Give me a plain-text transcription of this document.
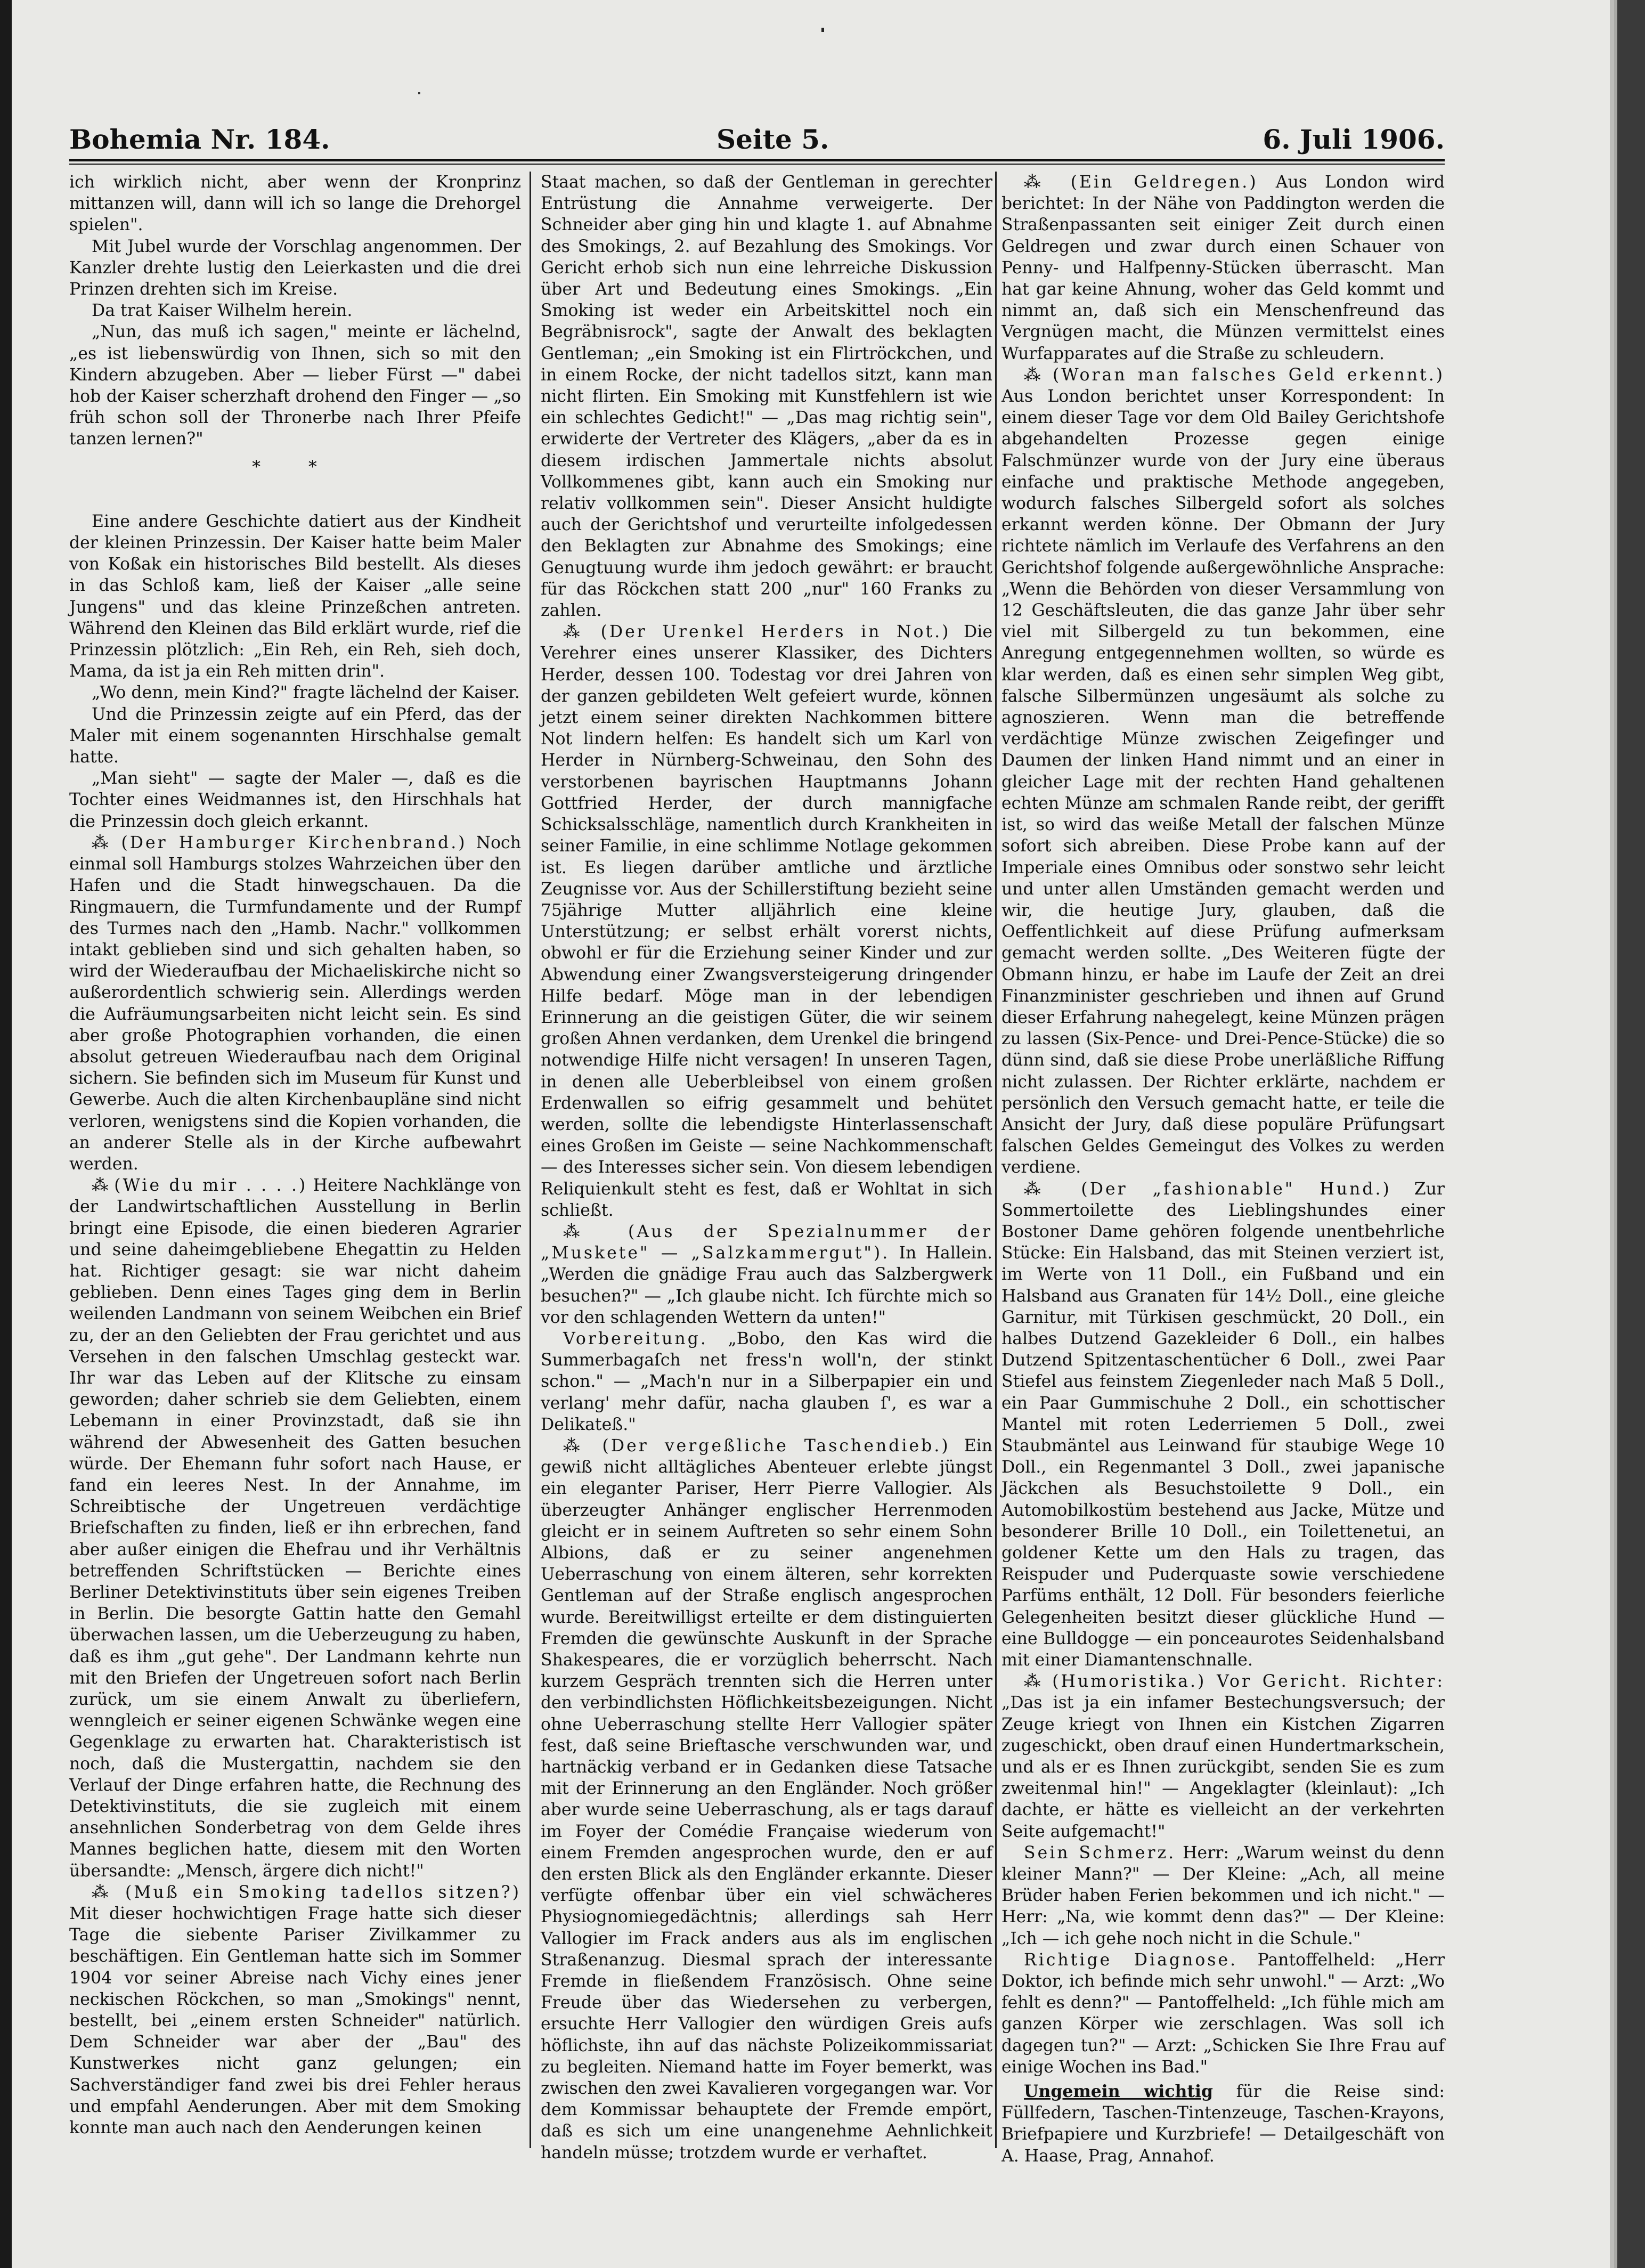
Bohemia Nr. 184.	Seite 5.	6. Juli 1906.

ich wirklich nicht, aber wenn der Kronprinz mittanzen will, dann will ich so lange die Drehorgel spielen".

Mit Jubel wurde der Vorschlag angenommen. Der Kanzler drehte lustig den Leierkasten und die drei Prinzen drehten sich im Kreise.

Da trat Kaiser Wilhelm herein.

„Nun, das muß ich sagen," meinte er lächelnd, „es ist liebenswürdig von Ihnen, sich so mit den Kindern abzugeben. Aber — lieber Fürst —" dabei hob der Kaiser scherzhaft drohend den Finger — „so früh schon soll der Thronerbe nach Ihrer Pfeife tanzen lernen?"

* *

Eine andere Geschichte datiert aus der Kindheit der kleinen Prinzessin. Der Kaiser hatte beim Maler von Koßak ein historisches Bild bestellt. Als dieses in das Schloß kam, ließ der Kaiser „alle seine Jungens" und das kleine Prinzeßchen antreten. Während den Kleinen das Bild erklärt wurde, rief die Prinzessin plötzlich: „Ein Reh, ein Reh, sieh doch, Mama, da ist ja ein Reh mitten drin".

„Wo denn, mein Kind?" fragte lächelnd der Kaiser.

Und die Prinzessin zeigte auf ein Pferd, das der Maler mit einem sogenannten Hirschhalse gemalt hatte.

„Man sieht" — sagte der Maler —, daß es die Tochter eines Weidmannes ist, den Hirschhals hat die Prinzessin doch gleich erkannt.

⁂ (Der Hamburger Kirchenbrand.) Noch einmal soll Hamburgs stolzes Wahrzeichen über den Hafen und die Stadt hinwegschauen. Da die Ringmauern, die Turmfundamente und der Rumpf des Turmes nach den „Hamb. Nachr." vollkommen intakt geblieben sind und sich gehalten haben, so wird der Wiederaufbau der Michaeliskirche nicht so außerordentlich schwierig sein. Allerdings werden die Aufräumungsarbeiten nicht leicht sein. Es sind aber große Photographien vorhanden, die einen absolut getreuen Wiederaufbau nach dem Original sichern. Sie befinden sich im Museum für Kunst und Gewerbe. Auch die alten Kirchenbaupläne sind nicht verloren, wenigstens sind die Kopien vorhanden, die an anderer Stelle als in der Kirche aufbewahrt werden.

⁂ (Wie du mir . . . .) Heitere Nachklänge von der Landwirtschaftlichen Ausstellung in Berlin bringt eine Episode, die einen biederen Agrarier und seine daheimgebliebene Ehegattin zu Helden hat. Richtiger gesagt: sie war nicht daheim geblieben. Denn eines Tages ging dem in Berlin weilenden Landmann von seinem Weibchen ein Brief zu, der an den Geliebten der Frau gerichtet und aus Versehen in den falschen Umschlag gesteckt war. Ihr war das Leben auf der Klitsche zu einsam geworden; daher schrieb sie dem Geliebten, einem Lebemann in einer Provinzstadt, daß sie ihn während der Abwesenheit des Gatten besuchen würde. Der Ehemann fuhr sofort nach Hause, er fand ein leeres Nest. In der Annahme, im Schreibtische der Ungetreuen verdächtige Briefschaften zu finden, ließ er ihn erbrechen, fand aber außer einigen die Ehefrau und ihr Verhältnis betreffenden Schriftstücken — Berichte eines Berliner Detektivinstituts über sein eigenes Treiben in Berlin. Die besorgte Gattin hatte den Gemahl überwachen lassen, um die Ueberzeugung zu haben, daß es ihm „gut gehe". Der Landmann kehrte nun mit den Briefen der Ungetreuen sofort nach Berlin zurück, um sie einem Anwalt zu überliefern, wenngleich er seiner eigenen Schwänke wegen eine Gegenklage zu erwarten hat. Charakteristisch ist noch, daß die Mustergattin, nachdem sie den Verlauf der Dinge erfahren hatte, die Rechnung des Detektivinstituts, die sie zugleich mit einem ansehnlichen Sonderbetrag von dem Gelde ihres Mannes beglichen hatte, diesem mit den Worten übersandte: „Mensch, ärgere dich nicht!"

⁂ (Muß ein Smoking tadellos sitzen?) Mit dieser hochwichtigen Frage hatte sich dieser Tage die siebente Pariser Zivilkammer zu beschäftigen. Ein Gentleman hatte sich im Sommer 1904 vor seiner Abreise nach Vichy eines jener neckischen Röckchen, so man „Smokings" nennt, bestellt, bei „einem ersten Schneider" natürlich. Dem Schneider war aber der „Bau" des Kunstwerkes nicht ganz gelungen; ein Sachverständiger fand zwei bis drei Fehler heraus und empfahl Aenderungen. Aber mit dem Smoking konnte man auch nach den Aenderungen keinen

Staat machen, so daß der Gentleman in gerechter Entrüstung die Annahme verweigerte. Der Schneider aber ging hin und klagte 1. auf Abnahme des Smokings, 2. auf Bezahlung des Smokings. Vor Gericht erhob sich nun eine lehrreiche Diskussion über Art und Bedeutung eines Smokings. „Ein Smoking ist weder ein Arbeitskittel noch ein Begräbnisrock", sagte der Anwalt des beklagten Gentleman; „ein Smoking ist ein Flirtröckchen, und in einem Rocke, der nicht tadellos sitzt, kann man nicht flirten. Ein Smoking mit Kunstfehlern ist wie ein schlechtes Gedicht!" — „Das mag richtig sein", erwiderte der Vertreter des Klägers, „aber da es in diesem irdischen Jammertale nichts absolut Vollkommenes gibt, kann auch ein Smoking nur relativ vollkommen sein". Dieser Ansicht huldigte auch der Gerichtshof und verurteilte infolgedessen den Beklagten zur Abnahme des Smokings; eine Genugtuung wurde ihm jedoch gewährt: er braucht für das Röckchen statt 200 „nur" 160 Franks zu zahlen.

⁂ (Der Urenkel Herders in Not.) Die Verehrer eines unserer Klassiker, des Dichters Herder, dessen 100. Todestag vor drei Jahren von der ganzen gebildeten Welt gefeiert wurde, können jetzt einem seiner direkten Nachkommen bittere Not lindern helfen: Es handelt sich um Karl von Herder in Nürnberg-Schweinau, den Sohn des verstorbenen bayrischen Hauptmanns Johann Gottfried Herder, der durch mannigfache Schicksalsschläge, namentlich durch Krankheiten in seiner Familie, in eine schlimme Notlage gekommen ist. Es liegen darüber amtliche und ärztliche Zeugnisse vor. Aus der Schillerstiftung bezieht seine 75jährige Mutter alljährlich eine kleine Unterstützung; er selbst erhält vorerst nichts, obwohl er für die Erziehung seiner Kinder und zur Abwendung einer Zwangsversteigerung dringender Hilfe bedarf. Möge man in der lebendigen Erinnerung an die geistigen Güter, die wir seinem großen Ahnen verdanken, dem Urenkel die bringend notwendige Hilfe nicht versagen! In unseren Tagen, in denen alle Ueberbleibsel von einem großen Erdenwallen so eifrig gesammelt und behütet werden, sollte die lebendigste Hinterlassenschaft eines Großen im Geiste — seine Nachkommenschaft — des Interesses sicher sein. Von diesem lebendigen Reliquienkult steht es fest, daß er Wohltat in sich schließt.

⁂ (Aus der Spezialnummer der „Muskete" — „Salzkammergut"). In Hallein. „Werden die gnädige Frau auch das Salzbergwerk besuchen?" — „Ich glaube nicht. Ich fürchte mich so vor den schlagenden Wettern da unten!"

Vorbereitung. „Bobo, den Kas wird die Summerbagaſch net fress'n woll'n, der stinkt schon." — „Mach'n nur in a Silberpapier ein und verlang' mehr dafür, nacha glauben ſ', es war a Delikateß."

⁂ (Der vergeßliche Taschendieb.) Ein gewiß nicht alltägliches Abenteuer erlebte jüngst ein eleganter Pariser, Herr Pierre Vallogier. Als überzeugter Anhänger englischer Herrenmoden gleicht er in seinem Auftreten so sehr einem Sohn Albions, daß er zu seiner angenehmen Ueberraschung von einem älteren, sehr korrekten Gentleman auf der Straße englisch angesprochen wurde. Bereitwilligst erteilte er dem distinguierten Fremden die gewünschte Auskunft in der Sprache Shakespeares, die er vorzüglich beherrscht. Nach kurzem Gespräch trennten sich die Herren unter den verbindlichsten Höflichkeitsbezeigungen. Nicht ohne Ueberraschung stellte Herr Vallogier später fest, daß seine Brieftasche verschwunden war, und hartnäckig verband er in Gedanken diese Tatsache mit der Erinnerung an den Engländer. Noch größer aber wurde seine Ueberraschung, als er tags darauf im Foyer der Comédie Française wiederum von einem Fremden angesprochen wurde, den er auf den ersten Blick als den Engländer erkannte. Dieser verfügte offenbar über ein viel schwächeres Physiognomiegedächtnis; allerdings sah Herr Vallogier im Frack anders aus als im englischen Straßenanzug. Diesmal sprach der interessante Fremde in fließendem Französisch. Ohne seine Freude über das Wiedersehen zu verbergen, ersuchte Herr Vallogier den würdigen Greis aufs höflichste, ihn auf das nächste Polizeikommissariat zu begleiten. Niemand hatte im Foyer bemerkt, was zwischen den zwei Kavalieren vorgegangen war. Vor dem Kommissar behauptete der Fremde empört, daß es sich um eine unangenehme Aehnlichkeit handeln müsse; trotzdem wurde er verhaftet.

⁂ (Ein Geldregen.) Aus London wird berichtet: In der Nähe von Paddington werden die Straßenpassanten seit einiger Zeit durch einen Geldregen und zwar durch einen Schauer von Penny- und Halfpenny-Stücken überrascht. Man hat gar keine Ahnung, woher das Geld kommt und nimmt an, daß sich ein Menschenfreund das Vergnügen macht, die Münzen vermittelst eines Wurfapparates auf die Straße zu schleudern.

⁂ (Woran man falsches Geld erkennt.) Aus London berichtet unser Korrespondent: In einem dieser Tage vor dem Old Bailey Gerichtshofe abgehandelten Prozesse gegen einige Falschmünzer wurde von der Jury eine überaus einfache und praktische Methode angegeben, wodurch falsches Silbergeld sofort als solches erkannt werden könne. Der Obmann der Jury richtete nämlich im Verlaufe des Verfahrens an den Gerichtshof folgende außergewöhnliche Ansprache: „Wenn die Behörden von dieser Versammlung von 12 Geschäftsleuten, die das ganze Jahr über sehr viel mit Silbergeld zu tun bekommen, eine Anregung entgegennehmen wollten, so würde es klar werden, daß es einen sehr simplen Weg gibt, falsche Silbermünzen ungesäumt als solche zu agnoszieren. Wenn man die betreffende verdächtige Münze zwischen Zeigefinger und Daumen der linken Hand nimmt und an einer in gleicher Lage mit der rechten Hand gehaltenen echten Münze am schmalen Rande reibt, der gerifft ist, so wird das weiße Metall der falschen Münze sofort sich abreiben. Diese Probe kann auf der Imperiale eines Omnibus oder sonstwo sehr leicht und unter allen Umständen gemacht werden und wir, die heutige Jury, glauben, daß die Oeffentlichkeit auf diese Prüfung aufmerksam gemacht werden sollte. „Des Weiteren fügte der Obmann hinzu, er habe im Laufe der Zeit an drei Finanzminister geschrieben und ihnen auf Grund dieser Erfahrung nahegelegt, keine Münzen prägen zu lassen (Six-Pence- und Drei-Pence-Stücke) die so dünn sind, daß sie diese Probe unerläßliche Riffung nicht zulassen. Der Richter erklärte, nachdem er persönlich den Versuch gemacht hatte, er teile die Ansicht der Jury, daß diese populäre Prüfungsart falschen Geldes Gemeingut des Volkes zu werden verdiene.

⁂ (Der „fashionable" Hund.) Zur Sommertoilette des Lieblingshundes einer Bostoner Dame gehören folgende unentbehrliche Stücke: Ein Halsband, das mit Steinen verziert ist, im Werte von 11 Doll., ein Fußband und ein Halsband aus Granaten für 14½ Doll., eine gleiche Garnitur, mit Türkisen geschmückt, 20 Doll., ein halbes Dutzend Gazekleider 6 Doll., ein halbes Dutzend Spitzentaschentücher 6 Doll., zwei Paar Stiefel aus feinstem Ziegenleder nach Maß 5 Doll., ein Paar Gummischuhe 2 Doll., ein schottischer Mantel mit roten Lederriemen 5 Doll., zwei Staubmäntel aus Leinwand für staubige Wege 10 Doll., ein Regenmantel 3 Doll., zwei japanische Jäckchen als Besuchstoilette 9 Doll., ein Automobilkostüm bestehend aus Jacke, Mütze und besonderer Brille 10 Doll., ein Toilettenetui, an goldener Kette um den Hals zu tragen, das Reispuder und Puderquaste sowie verschiedene Parfüms enthält, 12 Doll. Für besonders feierliche Gelegenheiten besitzt dieser glückliche Hund — eine Bulldogge — ein ponceaurotes Seidenhalsband mit einer Diamantenschnalle.

⁂ (Humoristika.) Vor Gericht. Richter: „Das ist ja ein infamer Bestechungsversuch; der Zeuge kriegt von Ihnen ein Kistchen Zigarren zugeschickt, oben drauf einen Hundertmarkschein, und als er es Ihnen zurückgibt, senden Sie es zum zweitenmal hin!" — Angeklagter (kleinlaut): „Ich dachte, er hätte es vielleicht an der verkehrten Seite aufgemacht!"

Sein Schmerz. Herr: „Warum weinst du denn kleiner Mann?" — Der Kleine: „Ach, all meine Brüder haben Ferien bekommen und ich nicht." — Herr: „Na, wie kommt denn das?" — Der Kleine: „Ich — ich gehe noch nicht in die Schule."

Richtige Diagnose. Pantoffelheld: „Herr Doktor, ich befinde mich sehr unwohl." — Arzt: „Wo fehlt es denn?" — Pantoffelheld: „Ich fühle mich am ganzen Körper wie zerschlagen. Was soll ich dagegen tun?" — Arzt: „Schicken Sie Ihre Frau auf einige Wochen ins Bad."

Ungemein wichtig für die Reise sind: Füllfedern, Taschen-Tintenzeuge, Taschen-Krayons, Briefpapiere und Kurzbriefe! — Detailgeschäft von A. Haase, Prag, Annahof.
